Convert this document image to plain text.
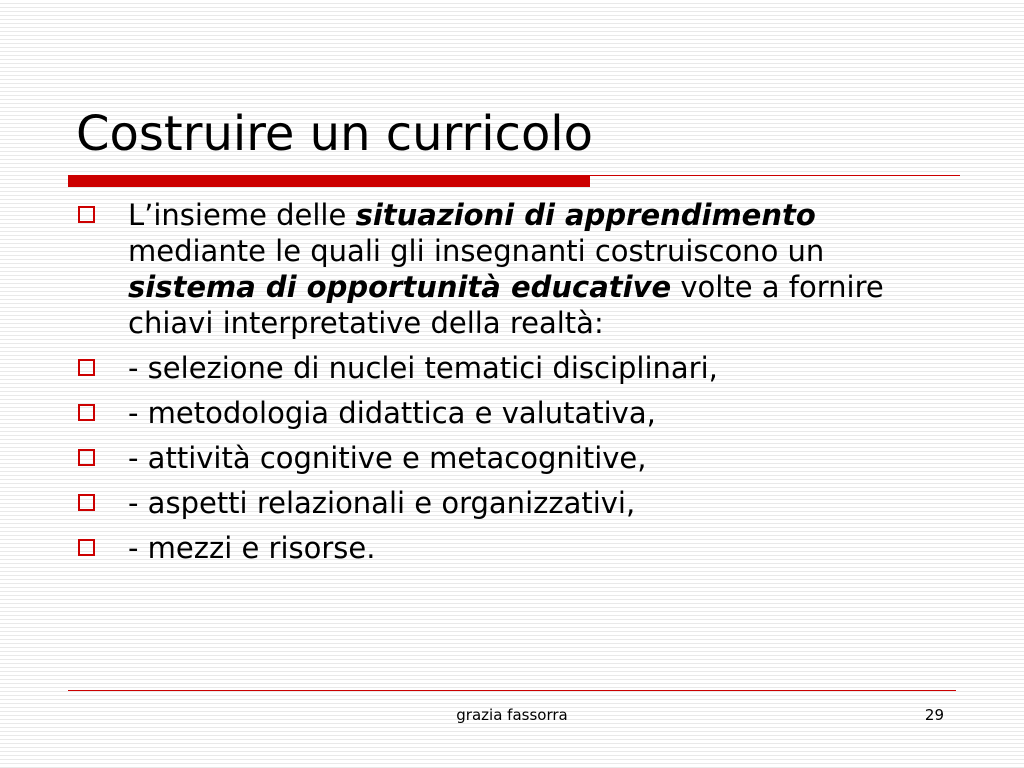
Costruire un curricolo
L’insieme delle situazioni di apprendimento mediante le quali gli insegnanti costruiscono un sistema di opportunità educative volte a fornire chiavi interpretative della realtà:
- selezione di nuclei tematici disciplinari,
- metodologia didattica e valutativa,
- attività cognitive e metacognitive,
- aspetti relazionali e organizzativi,
- mezzi e risorse.
grazia fassorra	29
